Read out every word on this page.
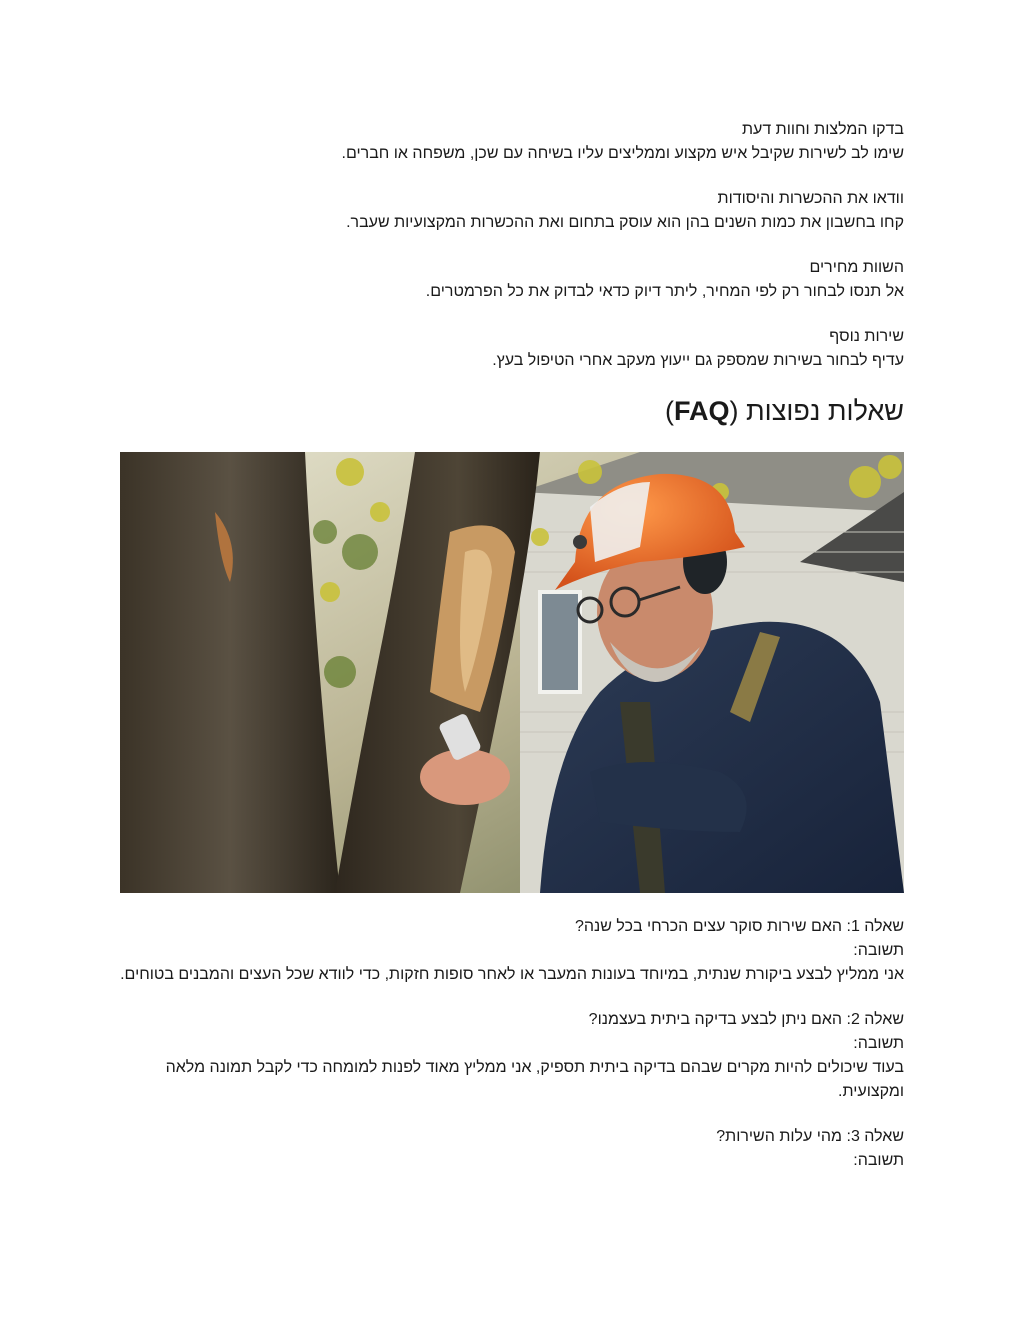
בדקו המלצות וחוות דעת

שימו לב לשירות שקיבל איש מקצוע וממליצים עליו בשיחה עם שכן, משפחה או חברים.

וודאו את ההכשרות והיסודות

קחו בחשבון את כמות השנים בהן הוא עוסק בתחום ואת ההכשרות המקצועיות שעבר.

השוות מחירים

אל תנסו לבחור רק לפי המחיר, ליתר דיוק כדאי לבדוק את כל הפרמטרים.

שירות נוסף

עדיף לבחור בשירות שמספק גם ייעוץ מעקב אחרי הטיפול בעץ.

שאלות נפוצות (FAQ)

שאלה 1: האם שירות סוקר עצים הכרחי בכל שנה?

תשובה:

אני ממליץ לבצע ביקורת שנתית, במיוחד בעונות המעבר או לאחר סופות חזקות, כדי לוודא שכל העצים והמבנים בטוחים.

שאלה 2: האם ניתן לבצע בדיקה ביתית בעצמנו?

תשובה:

בעוד שיכולים להיות מקרים שבהם בדיקה ביתית תספיק, אני ממליץ מאוד לפנות למומחה כדי לקבל תמונה מלאה ומקצועית.

שאלה 3: מהי עלות השירות?

תשובה:
